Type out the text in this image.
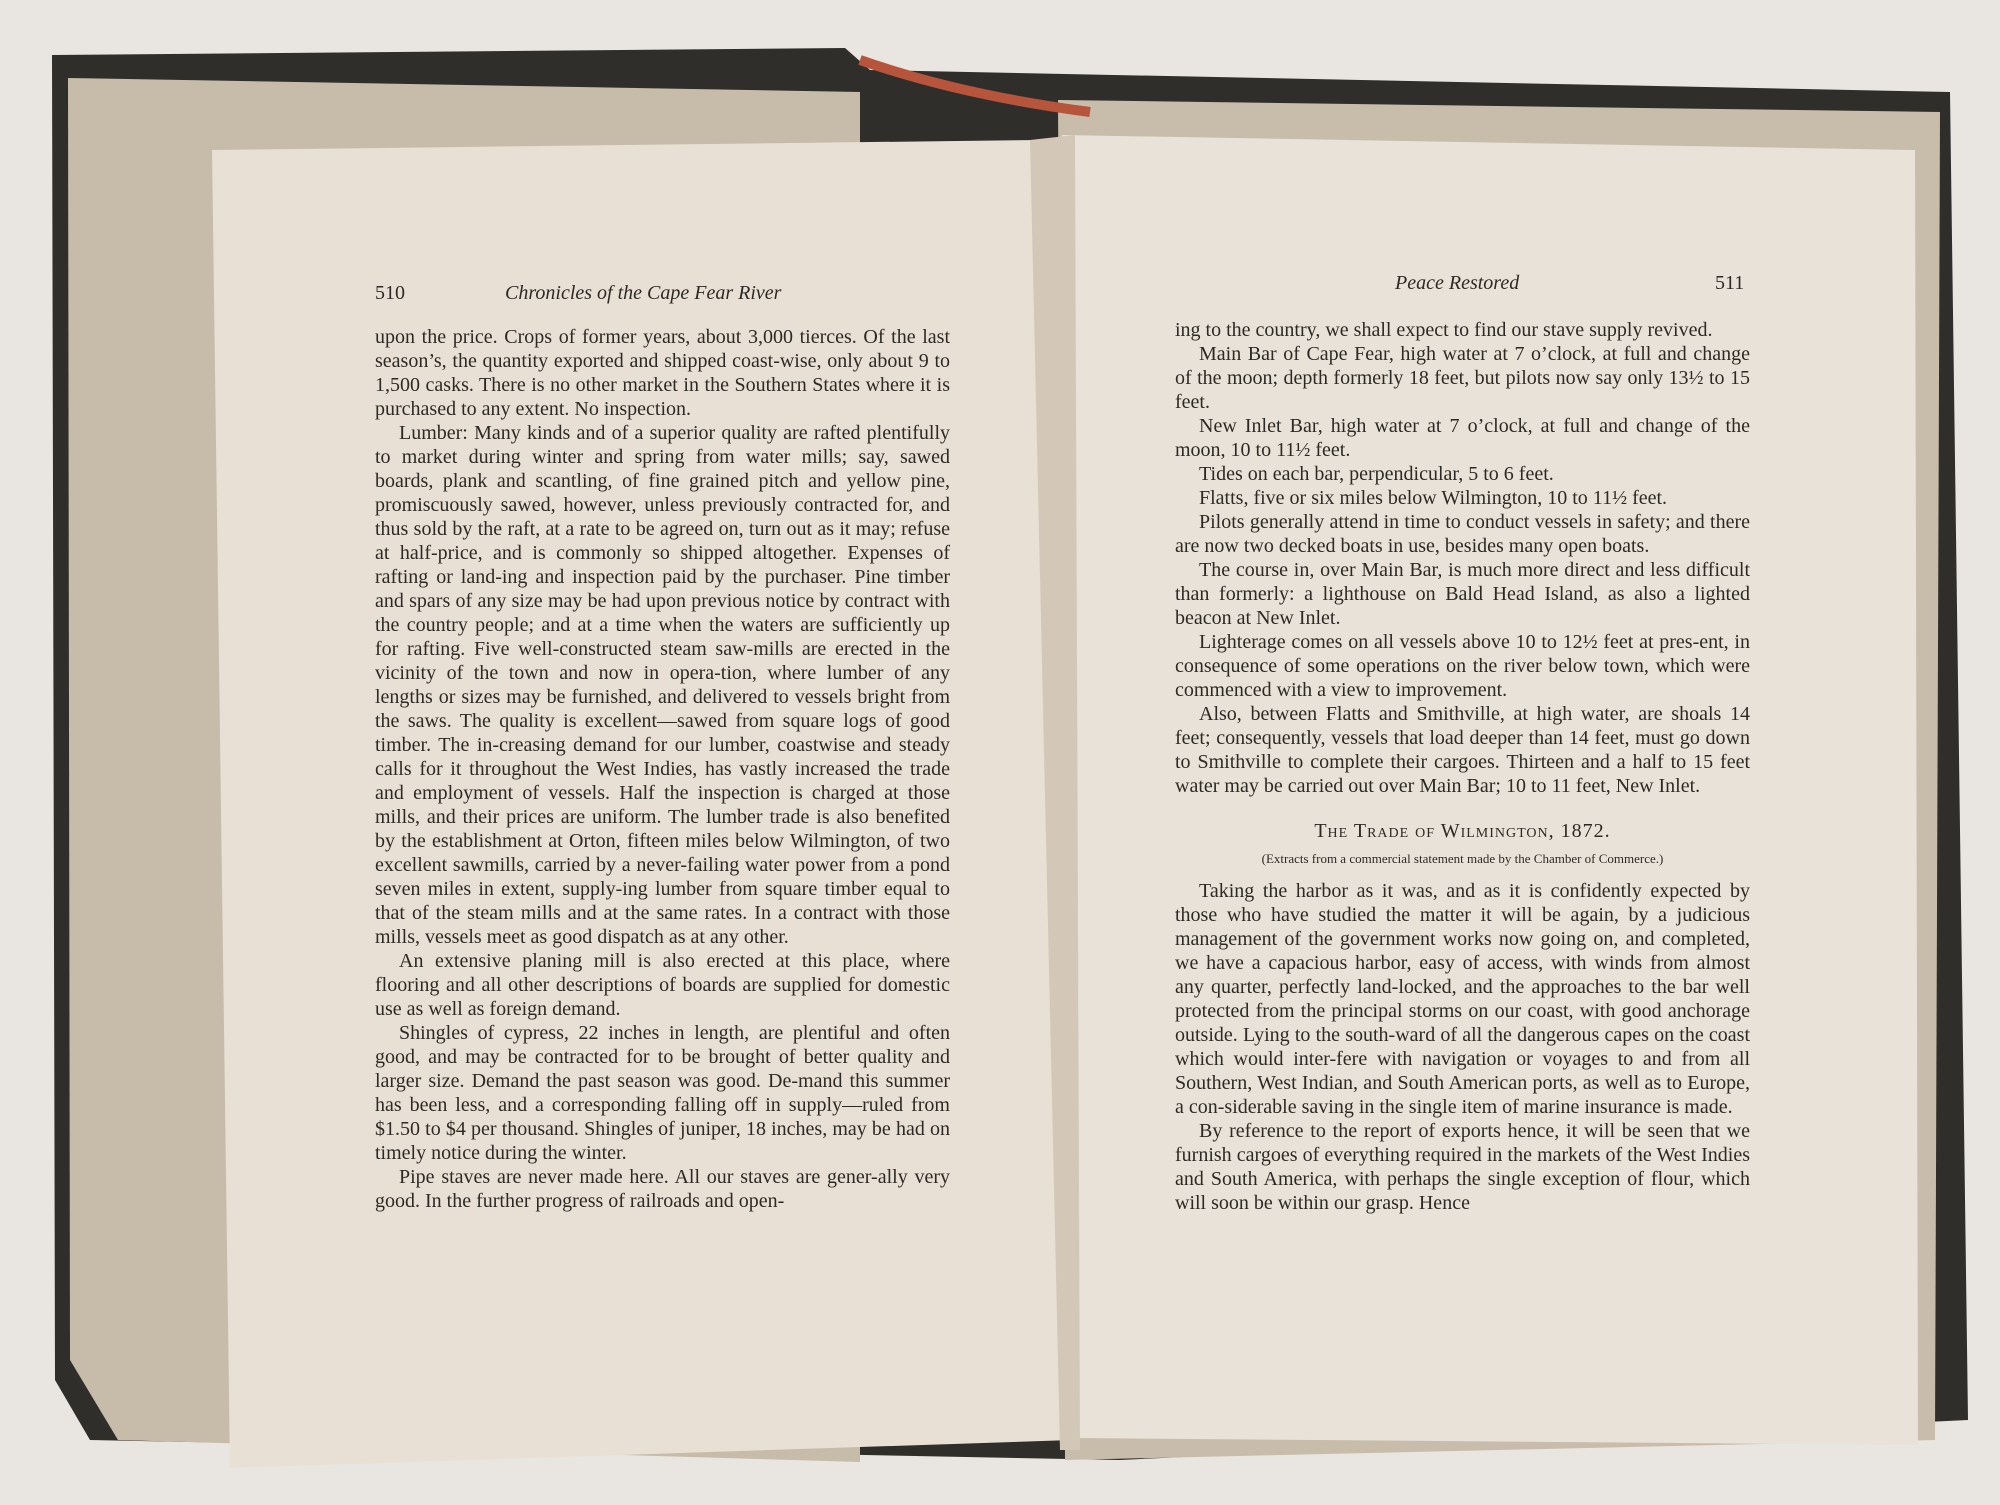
510	Chronicles of the Cape Fear River

upon the price. Crops of former years, about 3,000 tierces. Of the last season’s, the quantity exported and shipped coast-wise, only about 9 to 1,500 casks. There is no other market in the Southern States where it is purchased to any extent. No inspection.

Lumber: Many kinds and of a superior quality are rafted plentifully to market during winter and spring from water mills; say, sawed boards, plank and scantling, of fine grained pitch and yellow pine, promiscuously sawed, however, unless previously contracted for, and thus sold by the raft, at a rate to be agreed on, turn out as it may; refuse at half-price, and is commonly so shipped altogether. Expenses of rafting or land-ing and inspection paid by the purchaser. Pine timber and spars of any size may be had upon previous notice by contract with the country people; and at a time when the waters are sufficiently up for rafting. Five well-constructed steam saw-mills are erected in the vicinity of the town and now in opera-tion, where lumber of any lengths or sizes may be furnished, and delivered to vessels bright from the saws. The quality is excellent—sawed from square logs of good timber. The in-creasing demand for our lumber, coastwise and steady calls for it throughout the West Indies, has vastly increased the trade and employment of vessels. Half the inspection is charged at those mills, and their prices are uniform. The lumber trade is also benefited by the establishment at Orton, fifteen miles below Wilmington, of two excellent sawmills, carried by a never-failing water power from a pond seven miles in extent, supply-ing lumber from square timber equal to that of the steam mills and at the same rates. In a contract with those mills, vessels meet as good dispatch as at any other.

An extensive planing mill is also erected at this place, where flooring and all other descriptions of boards are supplied for domestic use as well as foreign demand.

Shingles of cypress, 22 inches in length, are plentiful and often good, and may be contracted for to be brought of better quality and larger size. Demand the past season was good. De-mand this summer has been less, and a corresponding falling off in supply—ruled from $1.50 to $4 per thousand. Shingles of juniper, 18 inches, may be had on timely notice during the winter.

Pipe staves are never made here. All our staves are gener-ally very good. In the further progress of railroads and open-

Peace Restored	511

ing to the country, we shall expect to find our stave supply revived.

Main Bar of Cape Fear, high water at 7 o’clock, at full and change of the moon; depth formerly 18 feet, but pilots now say only 13½ to 15 feet.

New Inlet Bar, high water at 7 o’clock, at full and change of the moon, 10 to 11½ feet.

Tides on each bar, perpendicular, 5 to 6 feet.

Flatts, five or six miles below Wilmington, 10 to 11½ feet.

Pilots generally attend in time to conduct vessels in safety; and there are now two decked boats in use, besides many open boats.

The course in, over Main Bar, is much more direct and less difficult than formerly: a lighthouse on Bald Head Island, as also a lighted beacon at New Inlet.

Lighterage comes on all vessels above 10 to 12½ feet at pres-ent, in consequence of some operations on the river below town, which were commenced with a view to improvement.

Also, between Flatts and Smithville, at high water, are shoals 14 feet; consequently, vessels that load deeper than 14 feet, must go down to Smithville to complete their cargoes. Thirteen and a half to 15 feet water may be carried out over Main Bar; 10 to 11 feet, New Inlet.

The Trade of Wilmington, 1872.
(Extracts from a commercial statement made by the Chamber of Commerce.)

Taking the harbor as it was, and as it is confidently expected by those who have studied the matter it will be again, by a judicious management of the government works now going on, and completed, we have a capacious harbor, easy of access, with winds from almost any quarter, perfectly land-locked, and the approaches to the bar well protected from the principal storms on our coast, with good anchorage outside. Lying to the south-ward of all the dangerous capes on the coast which would inter-fere with navigation or voyages to and from all Southern, West Indian, and South American ports, as well as to Europe, a con-siderable saving in the single item of marine insurance is made.

By reference to the report of exports hence, it will be seen that we furnish cargoes of everything required in the markets of the West Indies and South America, with perhaps the single exception of flour, which will soon be within our grasp. Hence
